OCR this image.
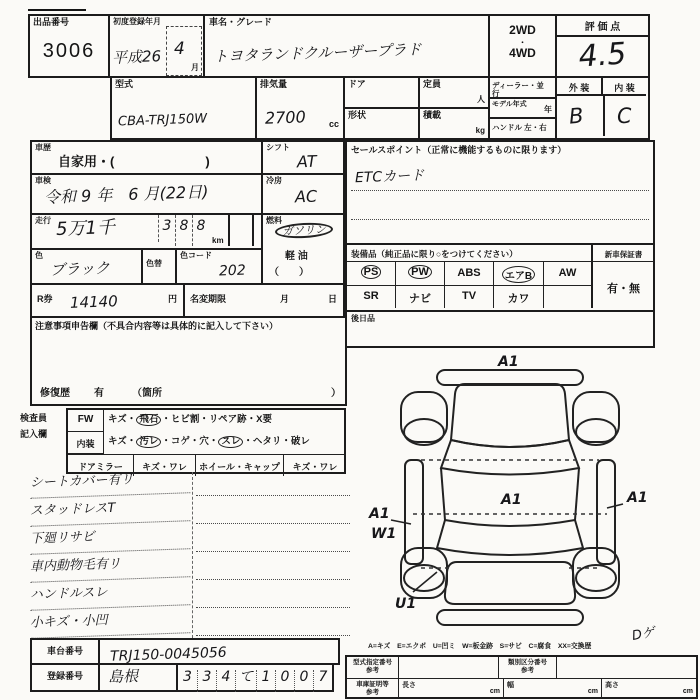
出品番号
3006
初度登録年月
平成26 4
月
車名・グレード
トヨタランドクルーザープラド
2WD
・
4WD
評 価 点
4.5
型式
CBA-TRJ150W
排気量
2700	cc
ドア
形状
定員
人
積載
kg
ディーラー・並 行
モデル年式
年
ハンドル 左・右
外 装	内 装
B C
車歴
自家用・(　　　　　　　)
シフト
AT
車検
令和 9 年　6 月(22日)
冷房
AC
走行 5万1千	3 8 8
km
燃料
ガソリン
軽 油
（　　）
色
ブラック	色替
色コード
202
R券 14140	円 名変期限	月	日
注意事項申告欄（不具合内容等は具体的に記入して下さい）
修復歴 有	（箇所	）
検査員
記入欄
FW	キズ・ 飛石 ・ヒビ割・リペア跡・X要
内装	キズ・ 汚レ ・コゲ・穴・ スレ ・ヘタリ・破レ
ドアミラー	キズ・ワレ	ホイール・キャップ	キズ・ワレ
シートカバー有リ
スタッドレスT
下廻リサビ
車内動物毛有リ
ハンドルスレ
小キズ・小凹
車台番号	TRJ150-0045056
登録番号	島根	3 3 4 て 1 0 0 7
セールスポイント（正常に機能するものに限ります）
ETCカード
装備品（純正品に限り○をつけてください）	新車保証書
PS	PW	ABS	エアB	AW
SR	ナビ	TV	カワ
有・無
後日品
A1
A1	A1
A1
W1
U1
A=キズ　E=エクボ　U=凹ミ　W=板金跡　S=サビ　C=腐食　XX=交換歴
Dゲ
型式指定番号
参考
類別区分番号
参考
車庫証明等
参考
長さ
cm
幅
cm
高さ
cm
